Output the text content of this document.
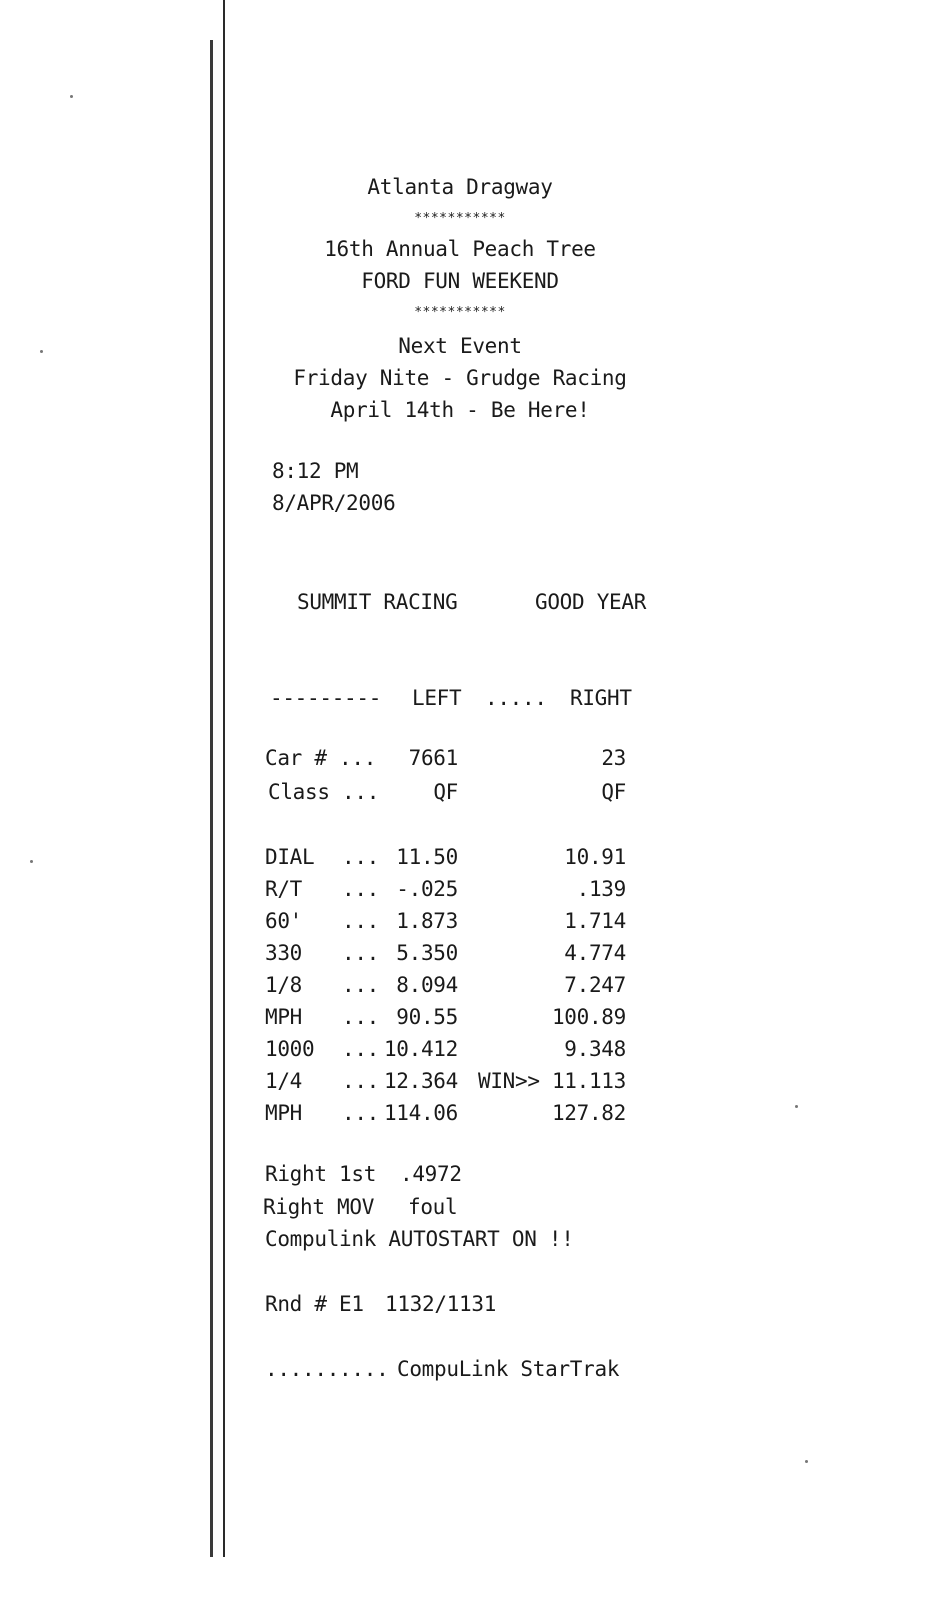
Atlanta Dragway
***********
16th Annual Peach Tree
FORD FUN WEEKEND
***********
Next Event
Friday Nite - Grudge Racing
April 14th - Be Here!
8:12 PM
8/APR/2006
SUMMIT RACING	GOOD YEAR
--------- LEFT ..... RIGHT
Car # ...	7661	23
Class ...	QF	QF
DIAL ... 11.50	10.91
R/T ... -.025	.139
60' ... 1.873	1.714
330 ... 5.350	4.774
1/8 ... 8.094	7.247
MPH ... 90.55	100.89
1000 ... 10.412	9.348
1/4 ... 12.364 WIN>> 11.113
MPH ... 114.06	127.82
Right 1st .4972
Right MOV foul
Compulink AUTOSTART ON !!
Rnd # E1 1132/1131
.......... CompuLink StarTrak
